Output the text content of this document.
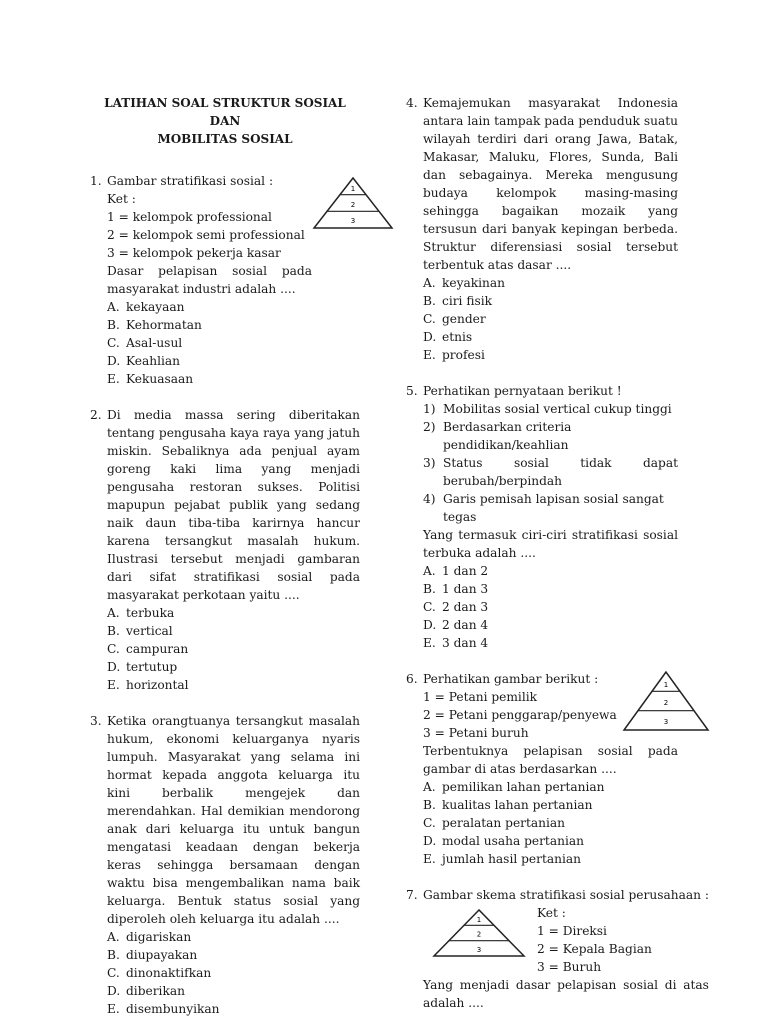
LATIHAN SOAL STRUKTUR SOSIAL DAN
MOBILITAS SOSIAL
1. Gambar stratifikasi sosial :
Ket :
1 = kelompok professional
2 = kelompok semi professional
3 = kelompok pekerja kasar
Dasar pelapisan sosial pada masyarakat industri adalah ....
A. kekayaan
B. Kehormatan
C. Asal-usul
D. Keahlian
E. Kekuasaan
1
2
3
2. Di media massa sering diberitakan tentang pengusaha kaya raya yang jatuh miskin. Sebaliknya ada penjual ayam goreng kaki lima yang menjadi pengusaha restoran sukses. Politisi mapupun pejabat publik yang sedang naik daun tiba-tiba karirnya hancur karena tersangkut masalah hukum. Ilustrasi tersebut menjadi gambaran dari sifat stratifikasi sosial pada masyarakat perkotaan yaitu ....
A. terbuka
B. vertical
C. campuran
D. tertutup
E. horizontal
3. Ketika orangtuanya tersangkut masalah hukum, ekonomi keluarganya nyaris lumpuh. Masyarakat yang selama ini hormat kepada anggota keluarga itu kini berbalik mengejek dan merendahkan. Hal demikian mendorong anak dari keluarga itu untuk bangun mengatasi keadaan dengan bekerja keras sehingga bersamaan dengan waktu bisa mengembalikan nama baik keluarga. Bentuk status sosial yang diperoleh oleh keluarga itu adalah ....
A. digariskan
B. diupayakan
C. dinonaktifkan
D. diberikan
E. disembunyikan
4. Kemajemukan masyarakat Indonesia antara lain tampak pada penduduk suatu wilayah terdiri dari orang Jawa, Batak, Makasar, Maluku, Flores, Sunda, Bali dan sebagainya. Mereka mengusung budaya kelompok masing-masing sehingga bagaikan mozaik yang tersusun dari banyak kepingan berbeda. Struktur diferensiasi sosial tersebut terbentuk atas dasar ....
A. keyakinan
B. ciri fisik
C. gender
D. etnis
E. profesi
5. Perhatikan pernyataan berikut !
1) Mobilitas sosial vertical cukup tinggi
2) Berdasarkan criteria pendidikan/keahlian
3) Status sosial tidak dapat berubah/berpindah
4) Garis pemisah lapisan sosial sangat tegas
Yang termasuk ciri-ciri stratifikasi sosial terbuka adalah ....
A. 1 dan 2
B. 1 dan 3
C. 2 dan 3
D. 2 dan 4
E. 3 dan 4
6. Perhatikan gambar berikut :
1 = Petani pemilik
2 = Petani penggarap/penyewa
3 = Petani buruh
Terbentuknya pelapisan sosial pada gambar di atas berdasarkan ....
A. pemilikan lahan pertanian
B. kualitas lahan pertanian
C. peralatan pertanian
D. modal usaha pertanian
E. jumlah hasil pertanian
1
2
3
7. Gambar skema stratifikasi sosial perusahaan :
Ket :
1 = Direksi
2 = Kepala Bagian
3 = Buruh
Yang menjadi dasar pelapisan sosial di atas adalah ....
1
2
3
